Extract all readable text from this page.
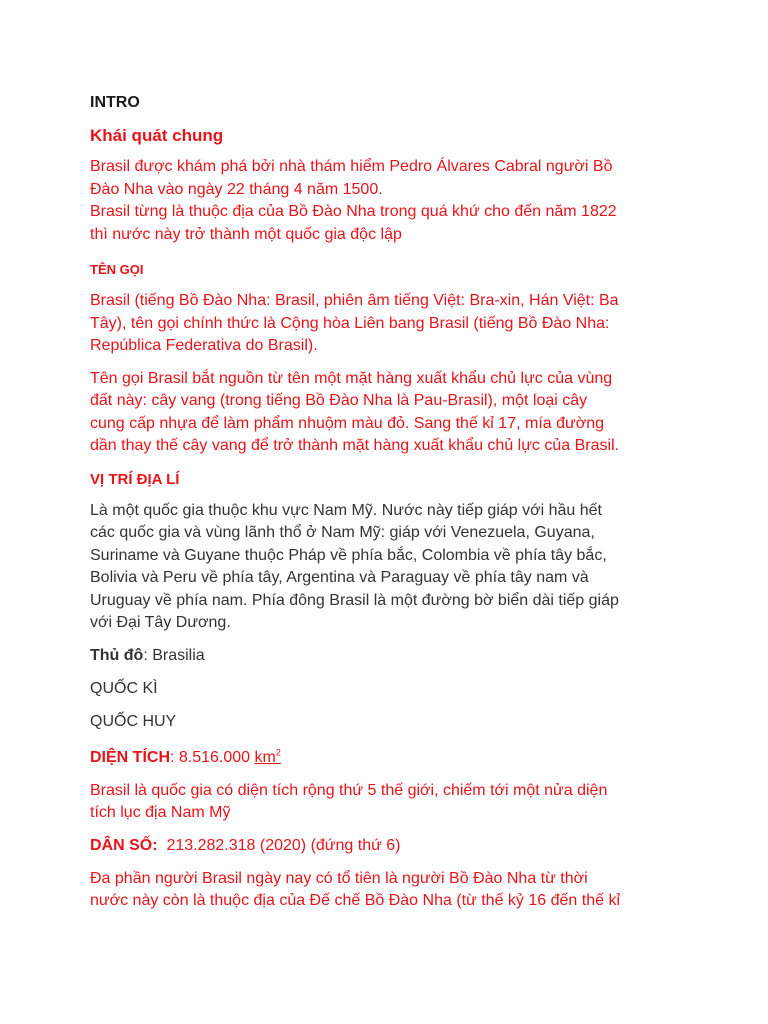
INTRO
Khái quát chung

Brasil được khám phá bởi nhà thám hiểm Pedro Álvares Cabral người Bồ
Đào Nha vào ngày 22 tháng 4 năm 1500.
Brasil từng là thuộc địa của Bồ Đào Nha trong quá khứ cho đến năm 1822
thì nước này trở thành một quốc gia độc lập

TÊN GỌI

Brasil (tiếng Bồ Đào Nha: Brasil, phiên âm tiếng Việt: Bra-xin, Hán Việt: Ba
Tây), tên gọi chính thức là Cộng hòa Liên bang Brasil (tiếng Bồ Đào Nha:
República Federativa do Brasil).

Tên gọi Brasil bắt nguồn từ tên một mặt hàng xuất khẩu chủ lực của vùng
đất này: cây vang (trong tiếng Bồ Đào Nha là Pau-Brasil), một loại cây
cung cấp nhựa để làm phẩm nhuộm màu đỏ. Sang thế kỉ 17, mía đường
dần thay thế cây vang để trở thành mặt hàng xuất khẩu chủ lực của Brasil.

VỊ TRÍ ĐỊA LÍ

Là một quốc gia thuộc khu vực Nam Mỹ. Nước này tiếp giáp với hầu hết
các quốc gia và vùng lãnh thổ ở Nam Mỹ: giáp với Venezuela, Guyana,
Suriname và Guyane thuộc Pháp về phía bắc, Colombia về phía tây bắc,
Bolivia và Peru về phía tây, Argentina và Paraguay về phía tây nam và
Uruguay về phía nam. Phía đông Brasil là một đường bờ biển dài tiếp giáp
với Đại Tây Dương.

Thủ đô: Brasilia
QUỐC KÌ
QUỐC HUY
DIỆN TÍCH: 8.516.000 $km^2$

Brasil là quốc gia có diện tích rộng thứ 5 thế giới, chiếm tới một nửa diện
tích lục địa Nam Mỹ

DÂN SỐ:  213.282.318 (2020) (đứng thứ 6)

Đa phần người Brasil ngày nay có tổ tiên là người Bồ Đào Nha từ thời
nước này còn là thuộc địa của Đế chế Bồ Đào Nha (từ thế kỷ 16 đến thế kỉ
